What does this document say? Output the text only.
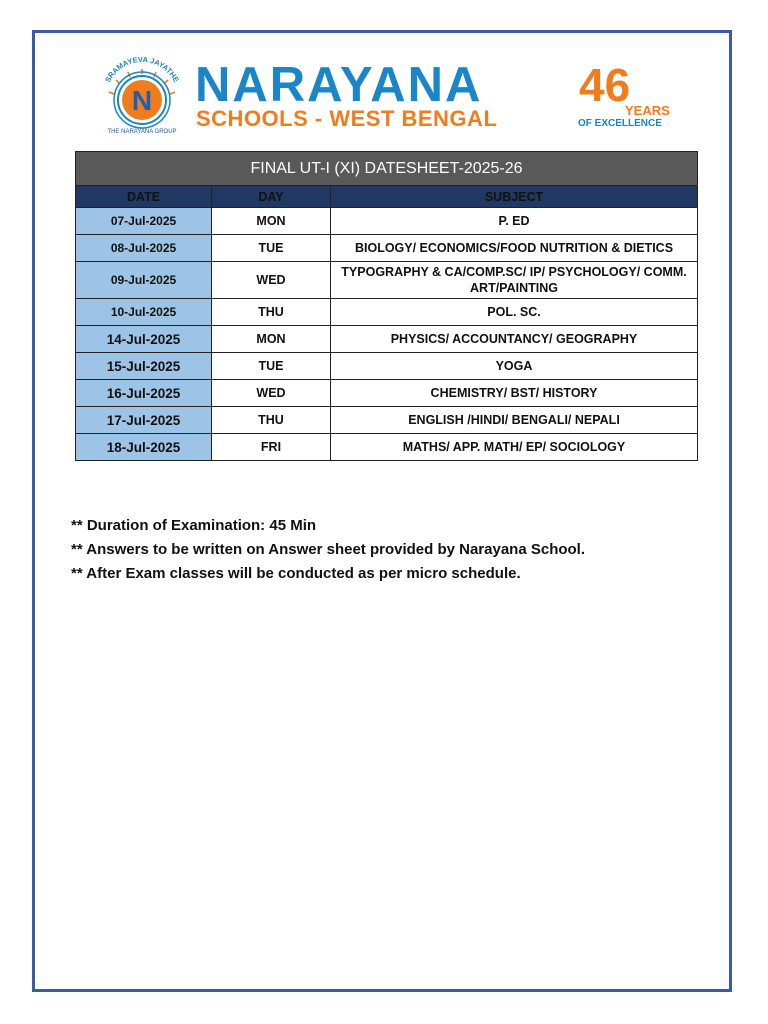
SRAMAYEVA JAYATHE
N
THE NARAYANA GROUP
NARAYANA
SCHOOLS - WEST BENGAL
46
YEARS
OF EXCELLENCE
FINAL UT-I (XI) DATESHEET-2025-26		
DATE	DAY	SUBJECT
07-Jul-2025	MON	P. ED
08-Jul-2025	TUE	BIOLOGY/ ECONOMICS/FOOD NUTRITION & DIETICS
09-Jul-2025	WED	TYPOGRAPHY & CA/COMP.SC/ IP/ PSYCHOLOGY/ COMM. ART/PAINTING
10-Jul-2025	THU	POL. SC.
14-Jul-2025	MON	PHYSICS/ ACCOUNTANCY/ GEOGRAPHY
15-Jul-2025	TUE	YOGA
16-Jul-2025	WED	CHEMISTRY/ BST/ HISTORY
17-Jul-2025	THU	ENGLISH /HINDI/ BENGALI/ NEPALI
18-Jul-2025	FRI	MATHS/ APP. MATH/ EP/ SOCIOLOGY
** Duration of Examination: 45 Min
** Answers to be written on Answer sheet provided by Narayana School.
** After Exam classes will be conducted as per micro schedule.
